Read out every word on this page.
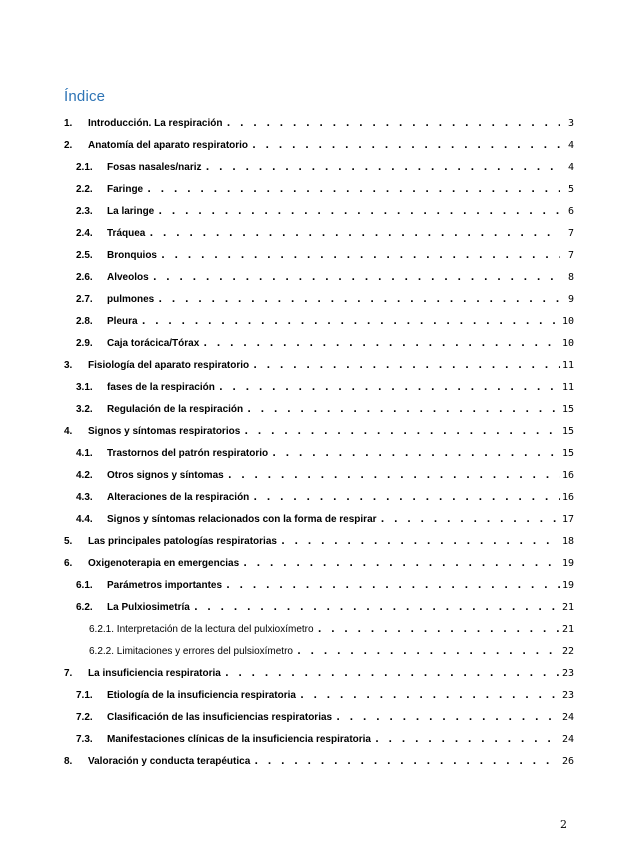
Índice
1.	Introducción. La respiración . . .	3
2.	Anatomía del aparato respiratorio . . .	4
2.1.	Fosas nasales/nariz . . .	4
2.2.	Faringe . . .	5
2.3.	La laringe . . .	6
2.4.	Tráquea . . .	7
2.5.	Bronquios . . .	7
2.6.	Alveolos . . .	8
2.7.	pulmones . . .	9
2.8.	Pleura . . .	10
2.9.	Caja torácica/Tórax . . .	10
3.	Fisiología del aparato respiratorio . . .	11
3.1.	fases de la respiración . . .	11
3.2.	Regulación de la respiración . . .	15
4.	Signos y síntomas respiratorios . . .	15
4.1.	Trastornos del patrón respiratorio . . .	15
4.2.	Otros signos y síntomas . . .	16
4.3.	Alteraciones de la respiración . . .	16
4.4.	Signos y síntomas relacionados con la forma de respirar . . .	17
5.	Las principales patologías respiratorias . . .	18
6.	Oxigenoterapia en emergencias . . .	19
6.1.	Parámetros importantes . . .	19
6.2.	La Pulxiosimetría . . .	21
6.2.1. Interpretación de la lectura del pulxioxímetro . . .	21
6.2.2. Limitaciones y errores del pulsioxímetro . . .	22
7.	La insuficiencia respiratoria . . .	23
7.1.	Etiología de la insuficiencia respiratoria . . .	23
7.2.	Clasificación de las insuficiencias respiratorias . . .	24
7.3.	Manifestaciones clínicas de la insuficiencia respiratoria . . .	24
8.	Valoración y conducta terapéutica . . .	26
2
